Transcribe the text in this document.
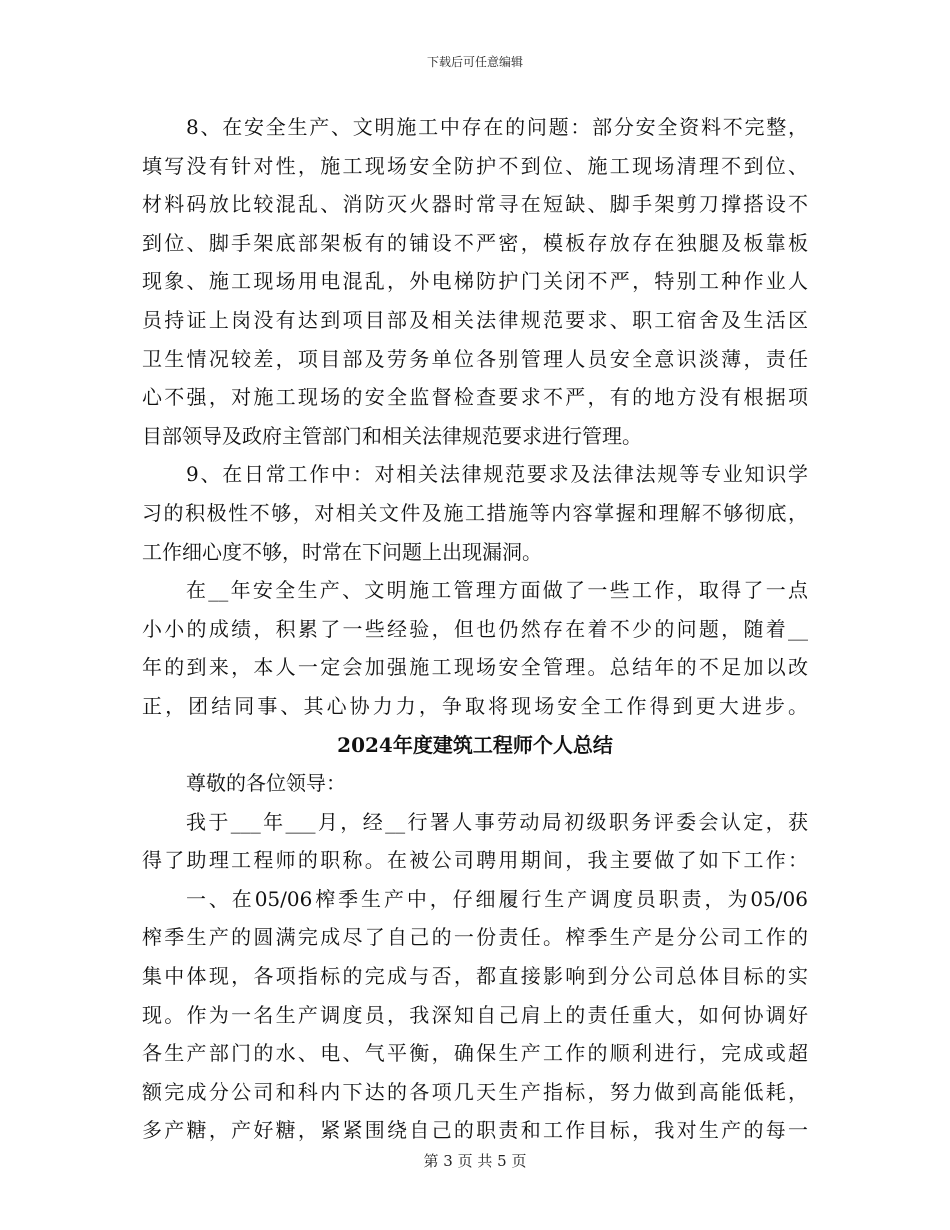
下载后可任意编辑
8、在安全生产、文明施工中存在的问题：部分安全资料不完整，
填写没有针对性，施工现场安全防护不到位、施工现场清理不到位、
材料码放比较混乱、消防灭火器时常寻在短缺、脚手架剪刀撑搭设不
到位、脚手架底部架板有的铺设不严密，模板存放存在独腿及板靠板
现象、施工现场用电混乱，外电梯防护门关闭不严，特别工种作业人
员持证上岗没有达到项目部及相关法律规范要求、职工宿舍及生活区
卫生情况较差，项目部及劳务单位各别管理人员安全意识淡薄，责任
心不强，对施工现场的安全监督检查要求不严，有的地方没有根据项
目部领导及政府主管部门和相关法律规范要求进行管理。
9、在日常工作中：对相关法律规范要求及法律法规等专业知识学
习的积极性不够，对相关文件及施工措施等内容掌握和理解不够彻底，
工作细心度不够，时常在下问题上出现漏洞。
在__年安全生产、文明施工管理方面做了一些工作，取得了一点
小小的成绩，积累了一些经验，但也仍然存在着不少的问题，随着__
年的到来，本人一定会加强施工现场安全管理。总结年的不足加以改
正，团结同事、其心协力力，争取将现场安全工作得到更大进步。
2024年度建筑工程师个人总结
尊敬的各位领导：
我于___年___月，经__行署人事劳动局初级职务评委会认定，获
得了助理工程师的职称。在被公司聘用期间，我主要做了如下工作：
一、在05/06榨季生产中，仔细履行生产调度员职责，为05/06
榨季生产的圆满完成尽了自己的一份责任。榨季生产是分公司工作的
集中体现，各项指标的完成与否，都直接影响到分公司总体目标的实
现。作为一名生产调度员，我深知自己肩上的责任重大，如何协调好
各生产部门的水、电、气平衡，确保生产工作的顺利进行，完成或超
额完成分公司和科内下达的各项几天生产指标，努力做到高能低耗，
多产糖，产好糖，紧紧围绕自己的职责和工作目标，我对生产的每一
第 3 页 共 5 页
